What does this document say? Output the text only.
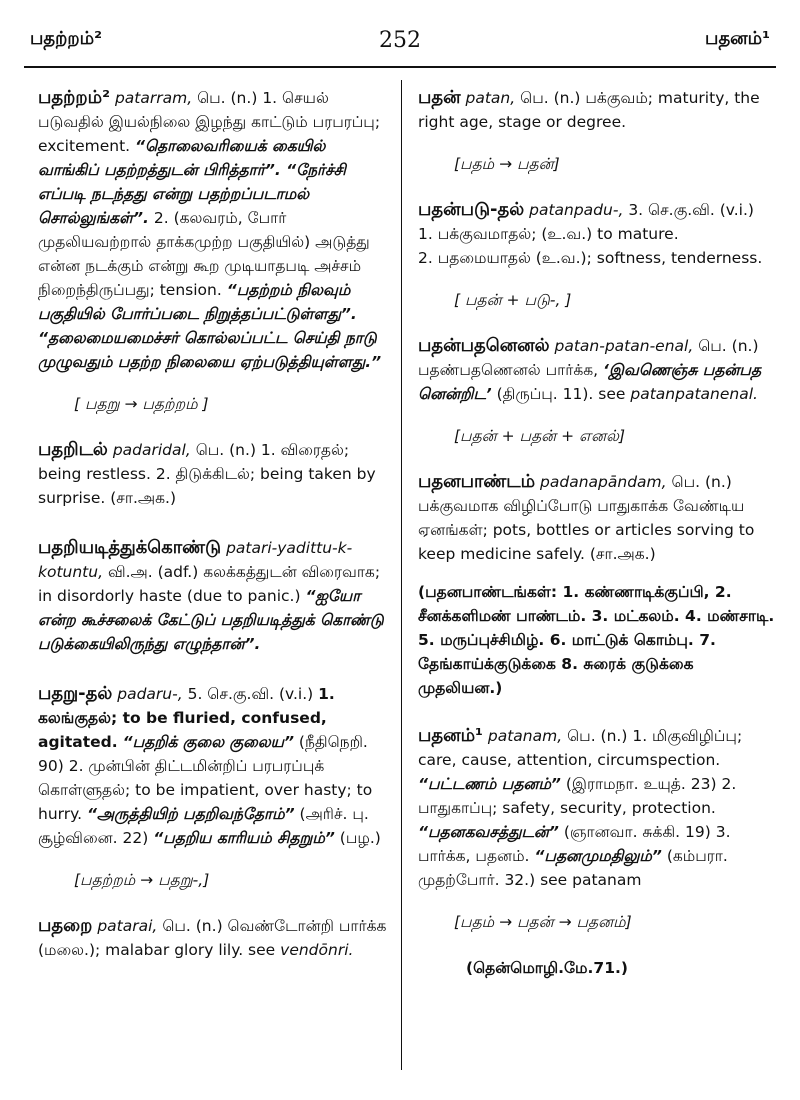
பதற்றம்²	252	பதனம்¹
பதற்றம்² patarram, பெ. (n.) 1. செயல் படுவதில் இயல்நிலை இழந்து காட்டும் பரபரப்பு; excitement. “தொலைவரியைக் கையில் வாங்கிப் பதற்றத்துடன் பிரித்தார்”. “நேர்ச்சி எப்படி நடந்தது என்று பதற்றப்படாமல் சொல்லுங்கள்”. 2. (கலவரம், போர் முதலியவற்றால் தாக்கமுற்ற பகுதியில்) அடுத்து என்ன நடக்கும் என்று கூற முடியாதபடி அச்சம் நிறைந்திருப்பது; tension. “பதற்றம் நிலவும் பகுதியில் போர்ப்படை நிறுத்தப்பட்டுள்ளது”. “தலைமையமைச்சர் கொல்லப்பட்ட செய்தி நாடு முழுவதும் பதற்ற நிலையை ஏற்படுத்தியுள்ளது.”
[ பதறு → பதற்றம் ]
பதறிடல் padaridal, பெ. (n.) 1. விரைதல்; being restless. 2. திடுக்கிடல்; being taken by surprise. (சா.அக.)
பதறியடித்துக்கொண்டு patari-yadittu-k-kotuntu, வி.அ. (adf.) கலக்கத்துடன் விரைவாக; in disordorly haste (due to panic.) “ஐயோ என்ற கூச்சலைக் கேட்டுப் பதறியடித்துக் கொண்டு படுக்கையிலிருந்து எழுந்தான்”.
பதறு-தல் padaru-, 5. செ.கு.வி. (v.i.) 1. கலங்குதல்; to be fluried, confused, agitated. “பதறிக் குலை குலைய” (நீதிநெறி. 90) 2. முன்பின் திட்டமின்றிப் பரபரப்புக் கொள்ளுதல்; to be impatient, over hasty; to hurry. “அருத்தியிற் பதறிவந்தோம்” (அரிச். பு. சூழ்வினை. 22) “பதறிய காரியம் சிதறும்” (பழ.)
[பதற்றம் → பதறு-,]
பதறை patarai, பெ. (n.) வெண்டோன்றி பார்க்க (மலை.); malabar glory lily. see vendōnri.
பதன் patan, பெ. (n.) பக்குவம்; maturity, the right age, stage or degree.
[பதம் → பதன்]
பதன்படு-தல் patanpadu-, 3. செ.கு.வி. (v.i.)
1. பக்குவமாதல்; (உ.வ.) to mature.
2. பதமையாதல் (உ.வ.); softness, tenderness.
[ பதன் + படு-, ]
பதன்பதனெனல் patan-patan-enal, பெ. (n.) பதண்பதணெனல் பார்க்க, ‘இவணெஞ்சு பதன்பத னென்றிட’ (திருப்பு. 11). see patanpatanenal.
[பதன் + பதன் + எனல்]
பதனபாண்டம் padanapāndam, பெ. (n.) பக்குவமாக விழிப்போடு பாதுகாக்க வேண்டிய ஏனங்கள்; pots, bottles or articles sorving to keep medicine safely. (சா.அக.)
(பதனபாண்டங்கள்: 1. கண்ணாடிக்குப்பி, 2. சீனக்களிமண் பாண்டம். 3. மட்கலம். 4. மண்சாடி. 5. மருப்புச்சிமிழ். 6. மாட்டுக் கொம்பு. 7. தேங்காய்க்குடுக்கை 8. சுரைக் குடுக்கை முதலியன.)
பதனம்¹ patanam, பெ. (n.) 1. மிகுவிழிப்பு; care, cause, attention, circumspection. “பட்டணம் பதனம்” (இராமநா. உயுத். 23) 2. பாதுகாப்பு; safety, security, protection. “பதனகவசத்துடன்” (ஞானவா. சுக்கி. 19) 3. பார்க்க, பதனம். “பதனமுமதிலும்” (கம்பரா. முதற்போர். 32.) see patanam
[பதம் → பதன் → பதனம்]
(தென்மொழி.மே.71.)
